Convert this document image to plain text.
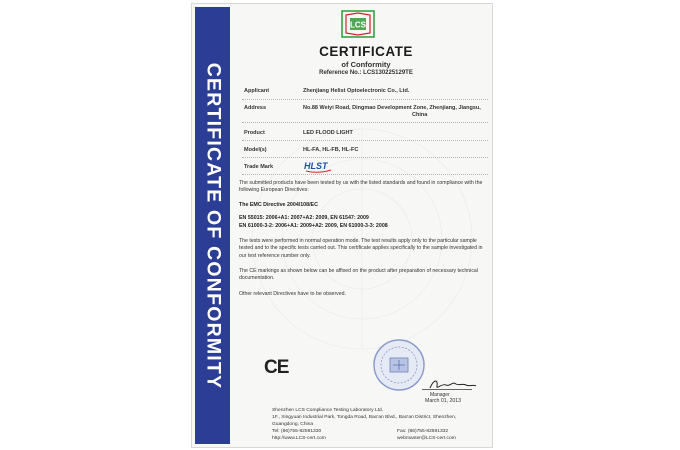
CERTIFICATE OF CONFORMITY
LCS
CERTIFICATE
of Conformity
Reference No.: LCS130225129TE
Applicant	Zhenjiang Helist Optoelectronic Co., Ltd.
Address	No.88 Weiyi Road, Dingmao Development Zone, Zhenjiang, Jiangsu,
China
Product	LED FLOOD LIGHT
Model(s)	HL-FA, HL-FB, HL-FC
Trade Mark	HLST
The submitted products have been tested by us with the listed standards and found in compliance with the following European Directives:
The EMC Directive 2004/108/EC
EN 55015: 2006+A1: 2007+A2: 2009, EN 61547: 2009
EN 61000-3-2: 2006+A1: 2009+A2: 2009, EN 61000-3-3: 2008
The tests were performed in normal operation mode. The test results apply only to the particular sample tested and to the specific tests carried out. This certificate applies specifically to the sample investigated in our test reference number only.
The CE markings as shown below can be affixed on the product after preparation of necessary technical documentation.
Other relevant Directives have to be observed.
CE
Manager
March 01, 2013
Shenzhen LCS Compliance Testing Laboratory Ltd.
1F., Xingyuan Industrial Park, Tongda Road, Bao'an Blvd., Bao'an District, Shenzhen,
Guangdong, China
Tel: (86)755-82591330	Fax: (86)755-82591332
http://www.LCS-cert.com	webmaster@LCS-cert.com
